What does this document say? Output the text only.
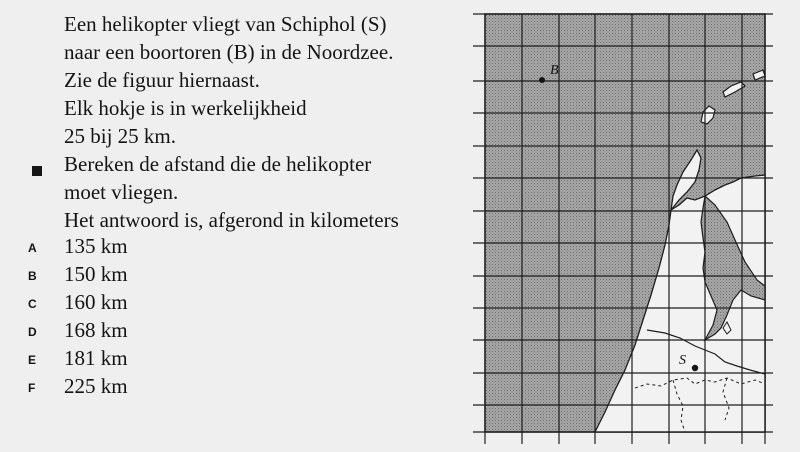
Een helikopter vliegt van Schiphol (S)
naar een boortoren (B) in de Noordzee.
Zie de figuur hiernaast.
Elk hokje is in werkelijkheid
25 bij 25 km.
Bereken de afstand die de helikopter
moet vliegen.
Het antwoord is, afgerond in kilometers
A 135 km
B 150 km
C 160 km
D 168 km
E 181 km
F 225 km
B
S
